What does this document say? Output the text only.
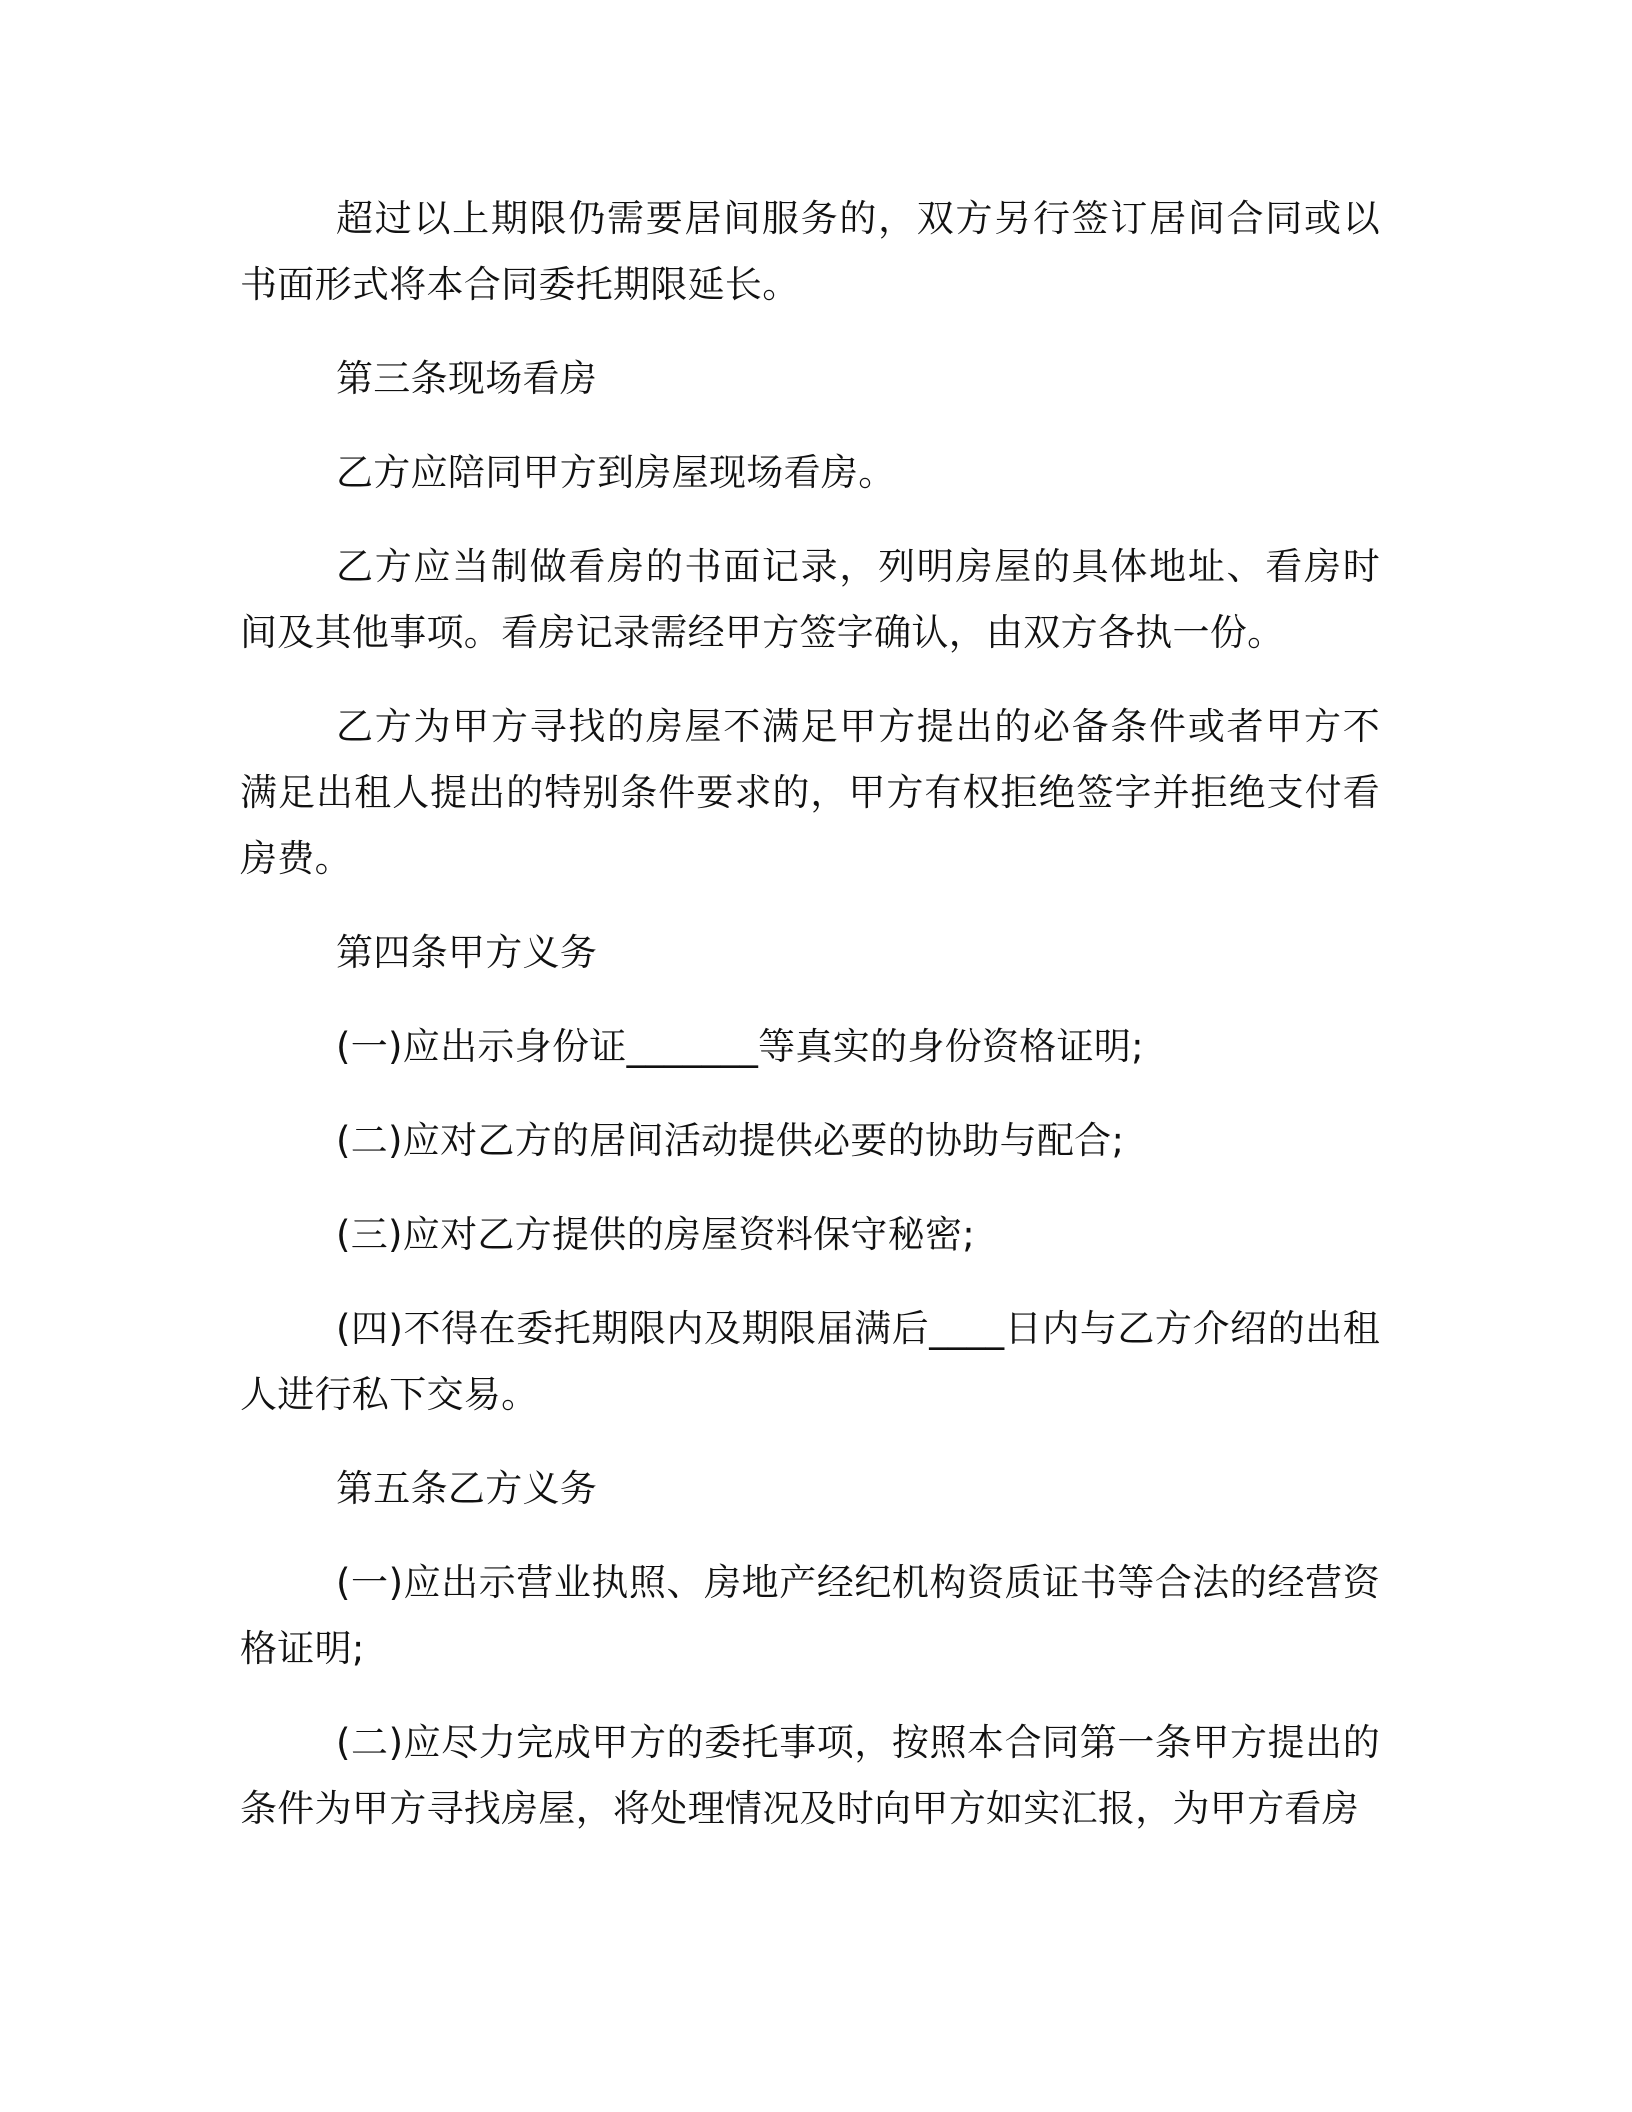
超过以上期限仍需要居间服务的，双方另行签订居间合同或以书面形式将本合同委托期限延长。

第三条现场看房

乙方应陪同甲方到房屋现场看房。

乙方应当制做看房的书面记录，列明房屋的具体地址、看房时间及其他事项。看房记录需经甲方签字确认，由双方各执一份。

乙方为甲方寻找的房屋不满足甲方提出的必备条件或者甲方不满足出租人提出的特别条件要求的，甲方有权拒绝签字并拒绝支付看房费。

第四条甲方义务

(一)应出示身份证_______等真实的身份资格证明;

(二)应对乙方的居间活动提供必要的协助与配合;

(三)应对乙方提供的房屋资料保守秘密;

(四)不得在委托期限内及期限届满后____日内与乙方介绍的出租人进行私下交易。

第五条乙方义务

(一)应出示营业执照、房地产经纪机构资质证书等合法的经营资格证明;

(二)应尽力完成甲方的委托事项，按照本合同第一条甲方提出的条件为甲方寻找房屋，将处理情况及时向甲方如实汇报，为甲方看房
